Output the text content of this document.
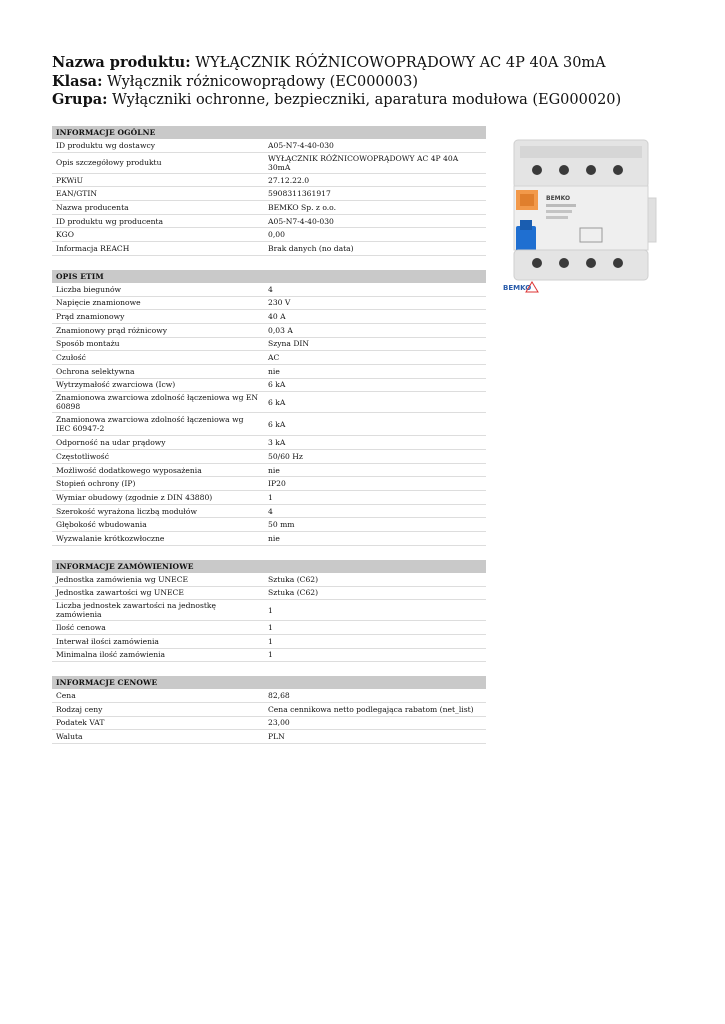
Nazwa produktu: WYŁĄCZNIK RÓŻNICOWOPRĄDOWY AC 4P 40A 30mA
Klasa: Wyłącznik różnicowoprądowy (EC000003)
Grupa: Wyłączniki ochronne, bezpieczniki, aparatura modułowa (EG000020)
INFORMACJE OGÓLNE
ID produktu wg dostawcy	A05-N7-4-40-030
Opis szczegółowy produktu	WYŁĄCZNIK RÓŻNICOWOPRĄDOWY AC 4P 40A 30mA
PKWiU	27.12.22.0
EAN/GTIN	5908311361917
Nazwa producenta	BEMKO Sp. z o.o.
ID produktu wg producenta	A05-N7-4-40-030
KGO	0,00
Informacja REACH	Brak danych (no data)
OPIS ETIM
Liczba biegunów	4
Napięcie znamionowe	230 V
Prąd znamionowy	40 A
Znamionowy prąd różnicowy	0,03 A
Sposób montażu	Szyna DIN
Czułość	AC
Ochrona selektywna	nie
Wytrzymałość zwarciowa (Icw)	6 kA
Znamionowa zwarciowa zdolność łączeniowa wg EN 60898	6 kA
Znamionowa zwarciowa zdolność łączeniowa wg IEC 60947-2	6 kA
Odporność na udar prądowy	3 kA
Częstotliwość	50/60 Hz
Możliwość dodatkowego wyposażenia	nie
Stopień ochrony (IP)	IP20
Wymiar obudowy (zgodnie z DIN 43880)	1
Szerokość wyrażona liczbą modułów	4
Głębokość wbudowania	50 mm
Wyzwalanie krótkozwłoczne	nie
INFORMACJE ZAMÓWIENIOWE
Jednostka zamówienia wg UNECE	Sztuka (C62)
Jednostka zawartości wg UNECE	Sztuka (C62)
Liczba jednostek zawartości na jednostkę zamówienia	1
Ilość cenowa	1
Interwał ilości zamówienia	1
Minimalna ilość zamówienia	1
INFORMACJE CENOWE
Cena	82,68
Rodzaj ceny	Cena cennikowa netto podlegająca rabatom (net_list)
Podatek VAT	23,00
Waluta	PLN
BEMKO
BEMKO
